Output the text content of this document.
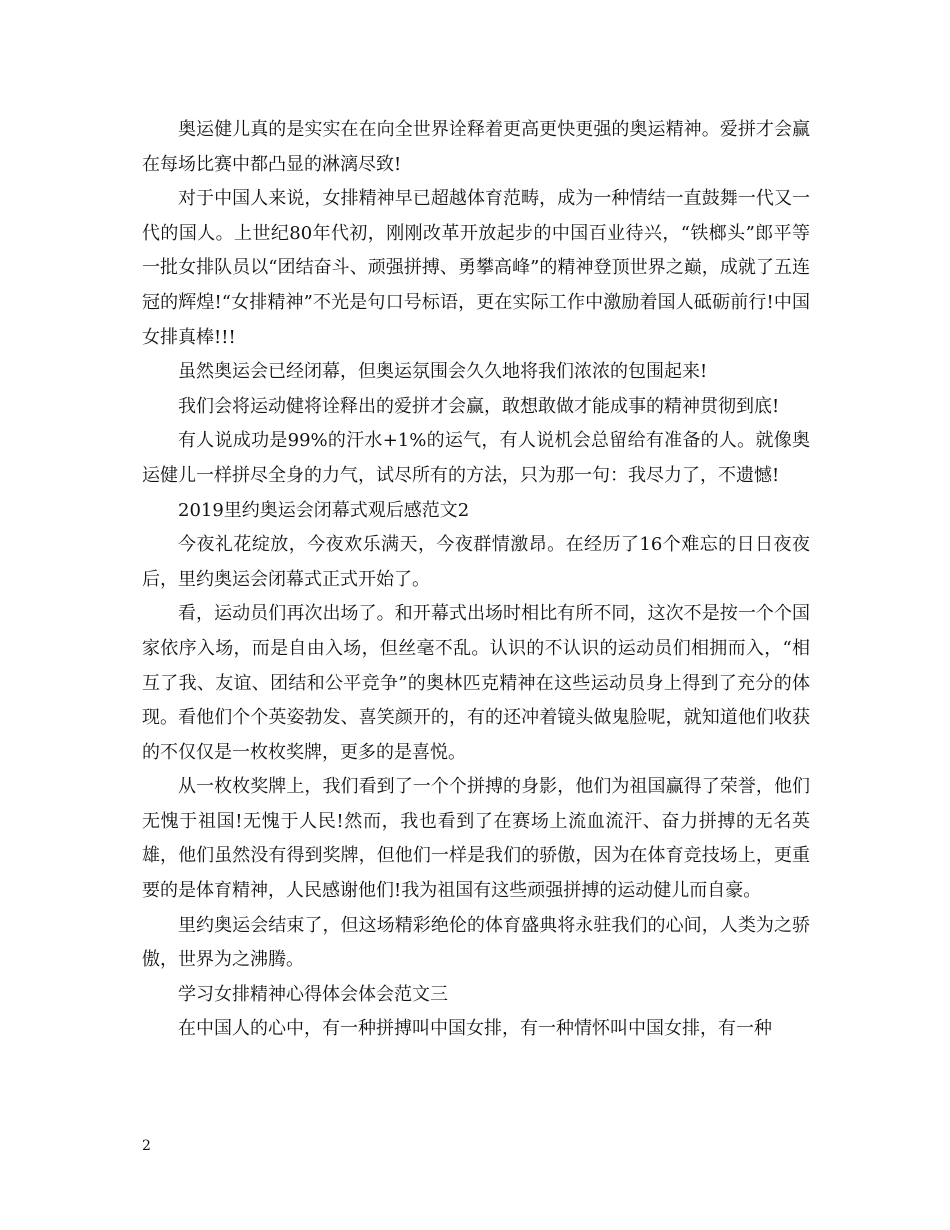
奥运健儿真的是实实在在向全世界诠释着更高更快更强的奥运精神。爱拼才会赢在每场比赛中都凸显的淋漓尽致!

对于中国人来说，女排精神早已超越体育范畴，成为一种情结一直鼓舞一代又一代的国人。上世纪80年代初，刚刚改革开放起步的中国百业待兴，“铁榔头”郎平等一批女排队员以“团结奋斗、顽强拼搏、勇攀高峰”的精神登顶世界之巅，成就了五连冠的辉煌!“女排精神”不光是句口号标语，更在实际工作中激励着国人砥砺前行!中国女排真棒!!!

虽然奥运会已经闭幕，但奥运氛围会久久地将我们浓浓的包围起来!

我们会将运动健将诠释出的爱拼才会赢，敢想敢做才能成事的精神贯彻到底!

有人说成功是99%的汗水+1%的运气，有人说机会总留给有准备的人。就像奥运健儿一样拼尽全身的力气，试尽所有的方法，只为那一句：我尽力了，不遗憾!

2019里约奥运会闭幕式观后感范文2

今夜礼花绽放，今夜欢乐满天，今夜群情激昂。在经历了16个难忘的日日夜夜后，里约奥运会闭幕式正式开始了。

看，运动员们再次出场了。和开幕式出场时相比有所不同，这次不是按一个个国家依序入场，而是自由入场，但丝毫不乱。认识的不认识的运动员们相拥而入，“相互了我、友谊、团结和公平竞争”的奥林匹克精神在这些运动员身上得到了充分的体现。看他们个个英姿勃发、喜笑颜开的，有的还冲着镜头做鬼脸呢，就知道他们收获的不仅仅是一枚枚奖牌，更多的是喜悦。

从一枚枚奖牌上，我们看到了一个个拼搏的身影，他们为祖国赢得了荣誉，他们无愧于祖国!无愧于人民!然而，我也看到了在赛场上流血流汗、奋力拼搏的无名英雄，他们虽然没有得到奖牌，但他们一样是我们的骄傲，因为在体育竞技场上，更重要的是体育精神，人民感谢他们!我为祖国有这些顽强拼搏的运动健儿而自豪。

里约奥运会结束了，但这场精彩绝伦的体育盛典将永驻我们的心间，人类为之骄傲，世界为之沸腾。

学习女排精神心得体会体会范文三

在中国人的心中，有一种拼搏叫中国女排，有一种情怀叫中国女排，有一种

2
